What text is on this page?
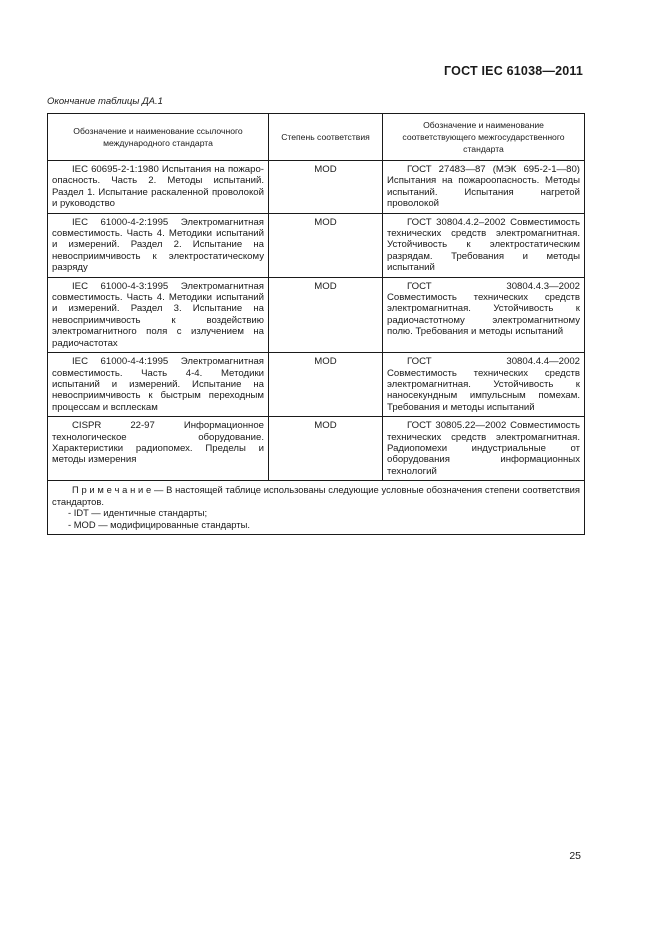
ГОСТ IEC 61038—2011
Окончание таблицы ДА.1
Обозначение и наименование ссылочного международного стандарта	Степень соответствия	Обозначение и наименование соответствующего межгосударственного стандарта
IEC 60695-2-1:1980 Испытания на пожаро-опасность. Часть 2. Методы испытаний. Раздел 1. Испытание раскаленной проволокой и руководство	MOD	ГОСТ 27483—87 (МЭК 695-2-1—80) Испытания на пожароопасность. Методы испытаний. Испытания нагретой проволокой
IEC 61000-4-2:1995 Электромагнитная совместимость. Часть 4. Методики испытаний и измерений. Раздел 2. Испытание на невосприимчивость к электростатическому разряду	MOD	ГОСТ 30804.4.2–2002 Совместимость технических средств электромагнитная. Устойчивость к электростатическим разрядам. Требования и методы испытаний
IEC 61000-4-3:1995 Электромагнитная совместимость. Часть 4. Методики испытаний и измерений. Раздел 3. Испытание на невосприимчивость к воздействию электромагнитного поля с излучением на радиочастотах	MOD	ГОСТ 30804.4.3—2002 Совместимость технических средств электромагнитная. Устойчивость к радиочастотному электромагнитному полю. Требования и методы испытаний
IEC 61000-4-4:1995 Электромагнитная совместимость. Часть 4-4. Методики испытаний и измерений. Испытание на невосприимчивость к быстрым переходным процессам и всплескам	MOD	ГОСТ 30804.4.4—2002 Совместимость технических средств электромагнитная. Устойчивость к наносекундным импульсным помехам. Требования и методы испытаний
CISPR 22-97 Информационное технологическое оборудование. Характеристики радиопомех. Пределы и методы измерения	MOD	ГОСТ 30805.22—2002 Совместимость технических средств электромагнитная. Радиопомехи индустриальные от оборудования информационных технологий

П р и м е ч а н и е — В настоящей таблице использованы следующие условные обозначения степени соответствия стандартов.
- IDT — идентичные стандарты;
- MOD — модифицированные стандарты.		
25
